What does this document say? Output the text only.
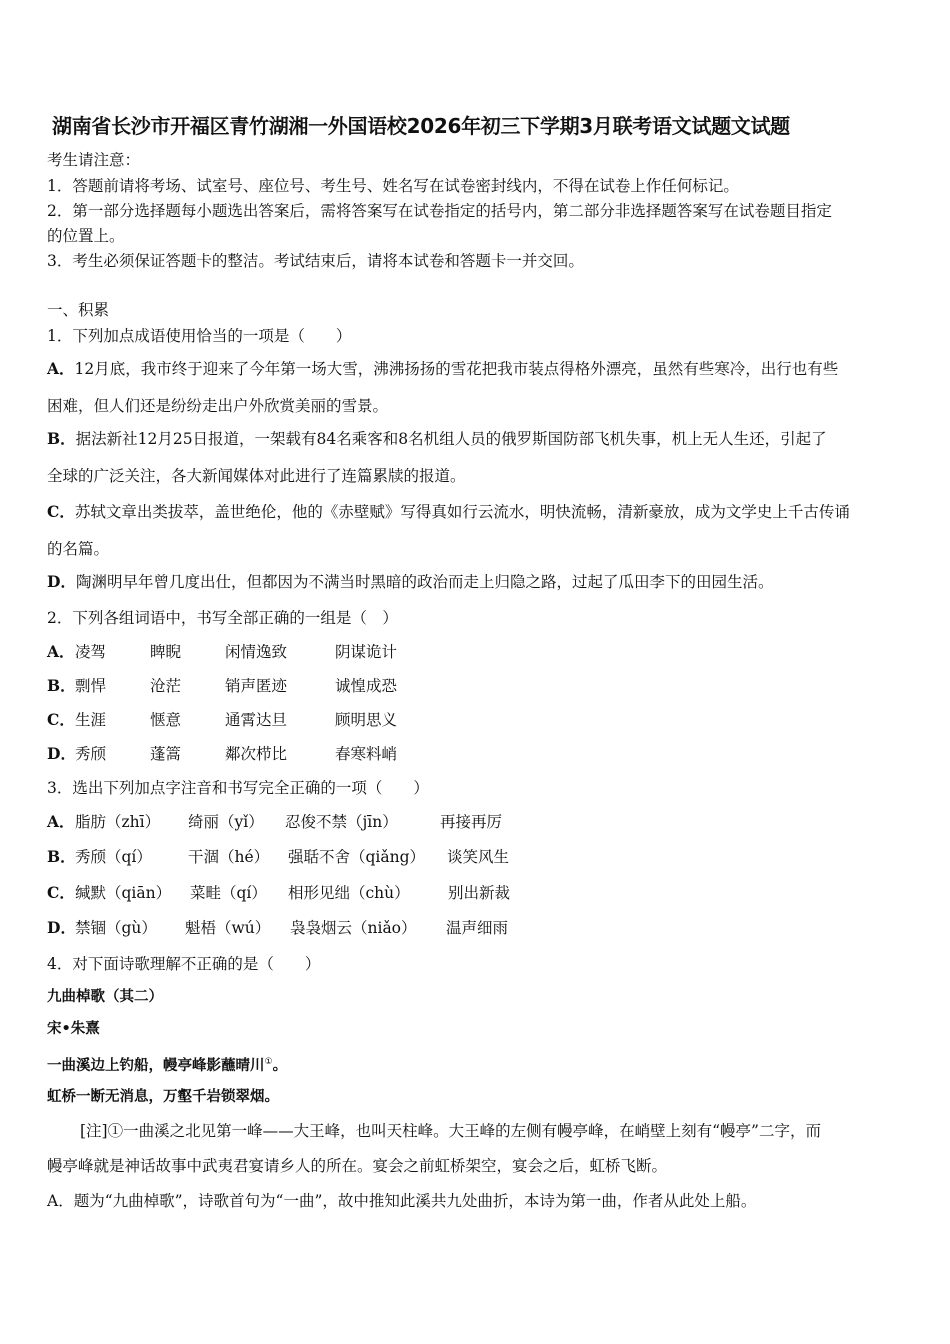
湖南省长沙市开福区青竹湖湘一外国语校2026年初三下学期3月联考语文试题文试题
考生请注意：
1．答题前请将考场、试室号、座位号、考生号、姓名写在试卷密封线内，不得在试卷上作任何标记。
2．第一部分选择题每小题选出答案后，需将答案写在试卷指定的括号内，第二部分非选择题答案写在试卷题目指定
的位置上。
3．考生必须保证答题卡的整洁。考试结束后，请将本试卷和答题卡一并交回。
一、积累
1．下列加点成语使用恰当的一项是（　　）
A．12月底，我市终于迎来了今年第一场大雪，沸沸扬扬的雪花把我市装点得格外漂亮，虽然有些寒冷，出行也有些
困难，但人们还是纷纷走出户外欣赏美丽的雪景。
B．据法新社12月25日报道，一架载有84名乘客和8名机组人员的俄罗斯国防部飞机失事，机上无人生还，引起了
全球的广泛关注，各大新闻媒体对此进行了连篇累牍的报道。
C．苏轼文章出类拔萃，盖世绝伦，他的《赤壁赋》写得真如行云流水，明快流畅，清新豪放，成为文学史上千古传诵
的名篇。
D．陶渊明早年曾几度出仕，但都因为不满当时黑暗的政治而走上归隐之路，过起了瓜田李下的田园生活。
2．下列各组词语中，书写全部正确的一组是（　）
A． 凌驾	睥睨	闲情逸致	阴谋诡计
B． 剽悍	沧茫	销声匿迹	诚惶成恐
C． 生涯	惬意	通霄达旦	顾明思义
D． 秀颀	蓬篙	鄰次栉比	春寒料峭
3．选出下列加点字注音和书写完全正确的一项（　　）
A． 脂肪（zhī） 绮丽（yǐ） 忍俊不禁（jīn）	再接再厉
B． 秀颀（qí） 干涸（hé） 强聒不舍（qiǎng） 谈笑风生
C． 缄默（qiān） 菜畦（qí） 相形见绌（chù） 别出新裁
D． 禁锢（gù） 魁梧（wú） 袅袅烟云（niǎo） 温声细雨
4．对下面诗歌理解不正确的是（　　）
九曲棹歌（其二）
宋•朱熹
一曲溪边上钓船，幔亭峰影蘸晴川①。
虹桥一断无消息，万壑千岩锁翠烟。
[注]①一曲溪之北见第一峰——大王峰，也叫天柱峰。大王峰的左侧有幔亭峰，在峭壁上刻有“幔亭”二字，而
幔亭峰就是神话故事中武夷君宴请乡人的所在。宴会之前虹桥架空，宴会之后，虹桥飞断。
A．题为“九曲棹歌”，诗歌首句为“一曲”，故中推知此溪共九处曲折，本诗为第一曲，作者从此处上船。
